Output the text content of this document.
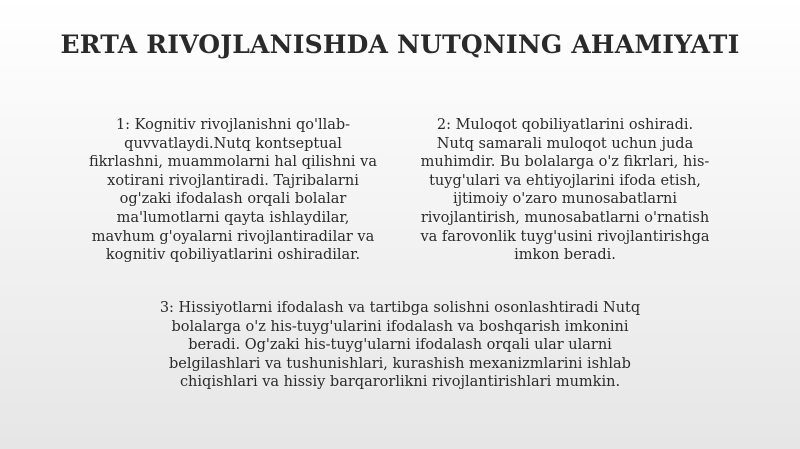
ERTA RIVOJLANISHDA NUTQNING AHAMIYATI
1: Kognitiv rivojlanishni qo'llab-quvvatlaydi.Nutq kontseptual fikrlashni, muammolarni hal qilishni va xotirani rivojlantiradi. Tajribalarni og'zaki ifodalash orqali bolalar ma'lumotlarni qayta ishlaydilar, mavhum g'oyalarni rivojlantiradilar va kognitiv qobiliyatlarini oshiradilar.
2: Muloqot qobiliyatlarini oshiradi. Nutq samarali muloqot uchun juda muhimdir. Bu bolalarga o'z fikrlari, his-tuyg'ulari va ehtiyojlarini ifoda etish, ijtimoiy o'zaro munosabatlarni rivojlantirish, munosabatlarni o'rnatish va farovonlik tuyg'usini rivojlantirishga imkon beradi.
3: Hissiyotlarni ifodalash va tartibga solishni osonlashtiradi Nutq bolalarga o'z his-tuyg'ularini ifodalash va boshqarish imkonini beradi. Og'zaki his-tuyg'ularni ifodalash orqali ular ularni belgilashlari va tushunishlari, kurashish mexanizmlarini ishlab chiqishlari va hissiy barqarorlikni rivojlantirishlari mumkin.
